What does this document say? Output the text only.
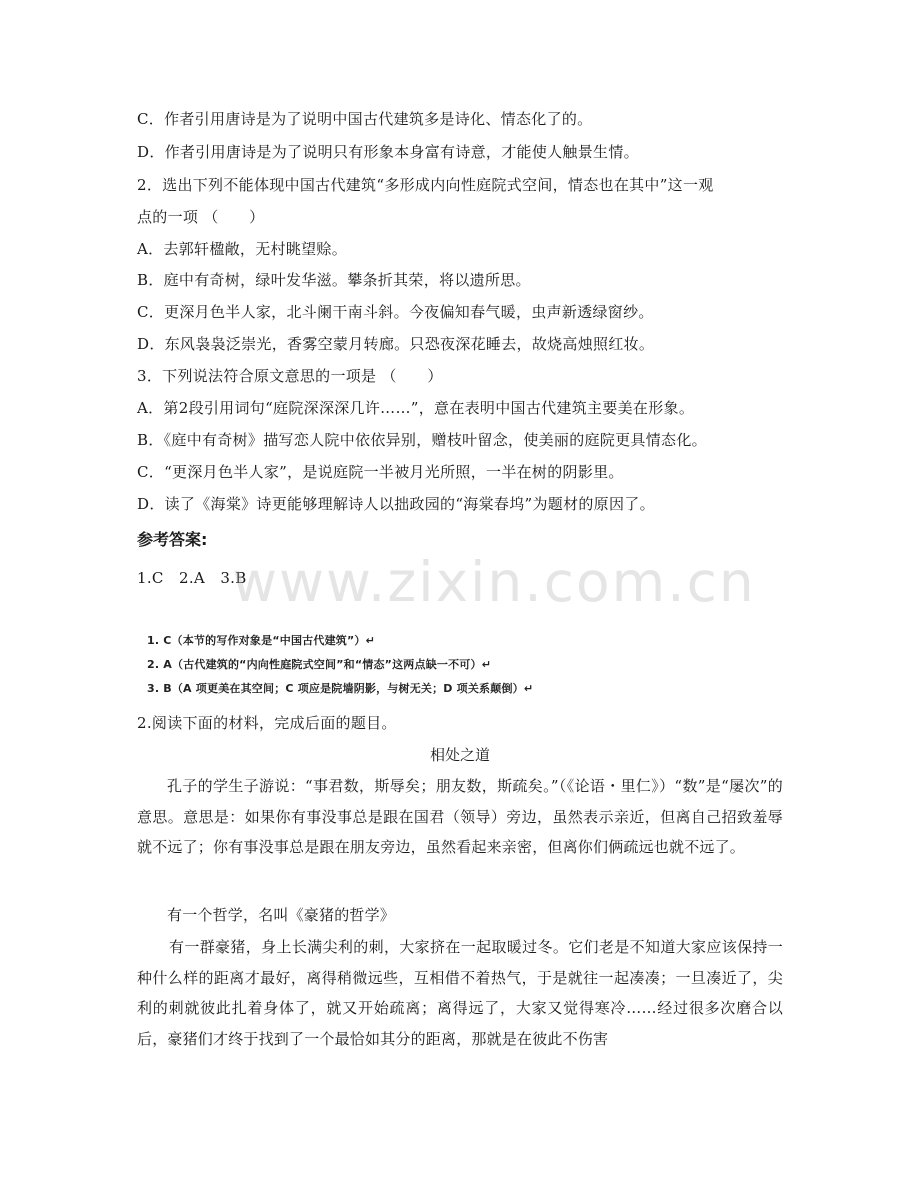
C．作者引用唐诗是为了说明中国古代建筑多是诗化、情态化了的。
D．作者引用唐诗是为了说明只有形象本身富有诗意，才能使人触景生情。
2．选出下列不能体现中国古代建筑“多形成内向性庭院式空间，情态也在其中”这一观
点的一项 （　　）
A．去郭轩楹敞，无村眺望赊。
B．庭中有奇树，绿叶发华滋。攀条折其荣，将以遗所思。
C．更深月色半人家，北斗阑干南斗斜。今夜偏知春气暖，虫声新透绿窗纱。
D．东风袅袅泛崇光，香雾空蒙月转廊。只恐夜深花睡去，故烧高烛照红妆。
3．下列说法符合原文意思的一项是 （　　）
A．第2段引用词句“庭院深深深几许……”，意在表明中国古代建筑主要美在形象。
B．《庭中有奇树》描写恋人院中依依异别，赠枝叶留念，使美丽的庭院更具情态化。
C．“更深月色半人家”，是说庭院一半被月光所照，一半在树的阴影里。
D．读了《海棠》诗更能够理解诗人以拙政园的“海棠春坞”为题材的原因了。
参考答案:
1.C　2.A　3.B
www.zixin.com.cn
1. C（本节的写作对象是“中国古代建筑”）↵
2. A（古代建筑的“内向性庭院式空间”和“情态”这两点缺一不可）↵
3. B（A 项更美在其空间；C 项应是院墙阴影，与树无关；D 项关系颠倒）↵
2.阅读下面的材料，完成后面的题目。
相处之道
孔子的学生子游说：“事君数，斯辱矣；朋友数，斯疏矣。”（《论语・里仁》）“数”是“屡次”的意思。意思是：如果你有事没事总是跟在国君（领导）旁边，虽然表示亲近，但离自己招致羞辱就不远了；你有事没事总是跟在朋友旁边，虽然看起来亲密，但离你们俩疏远也就不远了。
有一个哲学，名叫《豪猪的哲学》
有一群豪猪，身上长满尖利的刺，大家挤在一起取暖过冬。它们老是不知道大家应该保持一种什么样的距离才最好，离得稍微远些，互相借不着热气，于是就往一起凑凑；一旦凑近了，尖利的刺就彼此扎着身体了，就又开始疏离；离得远了，大家又觉得寒冷……经过很多次磨合以后，豪猪们才终于找到了一个最恰如其分的距离，那就是在彼此不伤害
